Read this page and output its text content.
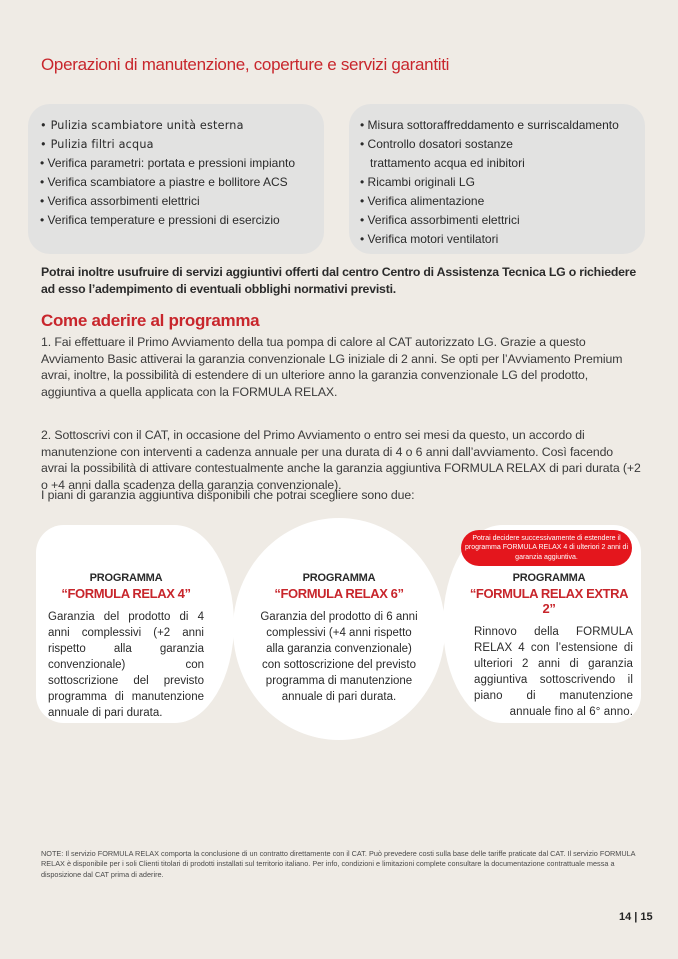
Operazioni di manutenzione, coperture e servizi garantiti
• Pulizia scambiatore unità esterna
• Pulizia filtri acqua
• Verifica parametri: portata e pressioni impianto
• Verifica scambiatore a piastre e bollitore ACS
• Verifica assorbimenti elettrici
• Verifica temperature e pressioni di esercizio
• Misura sottoraffreddamento e surriscaldamento
• Controllo dosatori sostanze trattamento acqua ed inibitori
• Ricambi originali LG
• Verifica alimentazione
• Verifica assorbimenti elettrici
• Verifica motori ventilatori

Potrai inoltre usufruire di servizi aggiuntivi offerti dal centro Centro di Assistenza Tecnica LG o richiedere ad esso l’adempimento di eventuali obblighi normativi previsti.

Come aderire al programma

1. Fai effettuare il Primo Avviamento della tua pompa di calore al CAT autorizzato LG. Grazie a questo Avviamento Basic attiverai la garanzia convenzionale LG iniziale di 2 anni. Se opti per l’Avviamento Premium avrai, inoltre, la possibilità di estendere di un ulteriore anno la garanzia convenzionale LG del prodotto, aggiuntiva a quella applicata con la FORMULA RELAX.

2. Sottoscrivi con il CAT, in occasione del Primo Avviamento o entro sei mesi da questo, un accordo di manutenzione con interventi a cadenza annuale per una durata di 4 o 6 anni dall’avviamento. Così facendo avrai la possibilità di attivare contestualmente anche la garanzia aggiuntiva FORMULA RELAX di pari durata (+2 o +4 anni dalla scadenza della garanzia convenzionale).

I piani di garanzia aggiuntiva disponibili che potrai scegliere sono due:

PROGRAMMA
“FORMULA RELAX 4”
Garanzia del prodotto di 4 anni complessivi (+2 anni rispetto alla garanzia convenzionale) con sottoscrizione del previsto programma di manutenzione annuale di pari durata.
PROGRAMMA
“FORMULA RELAX 6”
Garanzia del prodotto di 6 anni complessivi (+4 anni rispetto alla garanzia convenzionale) con sottoscrizione del previsto programma di manutenzione annuale di pari durata.
Potrai decidere successivamente di estendere il programma FORMULA RELAX 4 di ulteriori 2 anni di garanzia aggiuntiva.
PROGRAMMA
“FORMULA RELAX EXTRA 2”
Rinnovo della FORMULA RELAX 4 con l’estensione di ulteriori 2 anni di garanzia aggiuntiva sottoscrivendo il piano di manutenzione annuale fino al 6° anno.

NOTE: Il servizio FORMULA RELAX comporta la conclusione di un contratto direttamente con il CAT. Può prevedere costi sulla base delle tariffe praticate dal CAT. Il servizio FORMULA RELAX è disponibile per i soli Clienti titolari di prodotti installati sul territorio italiano. Per info, condizioni e limitazioni complete consultare la documentazione contrattuale messa a disposizione dal CAT prima di aderire.

14 | 15
